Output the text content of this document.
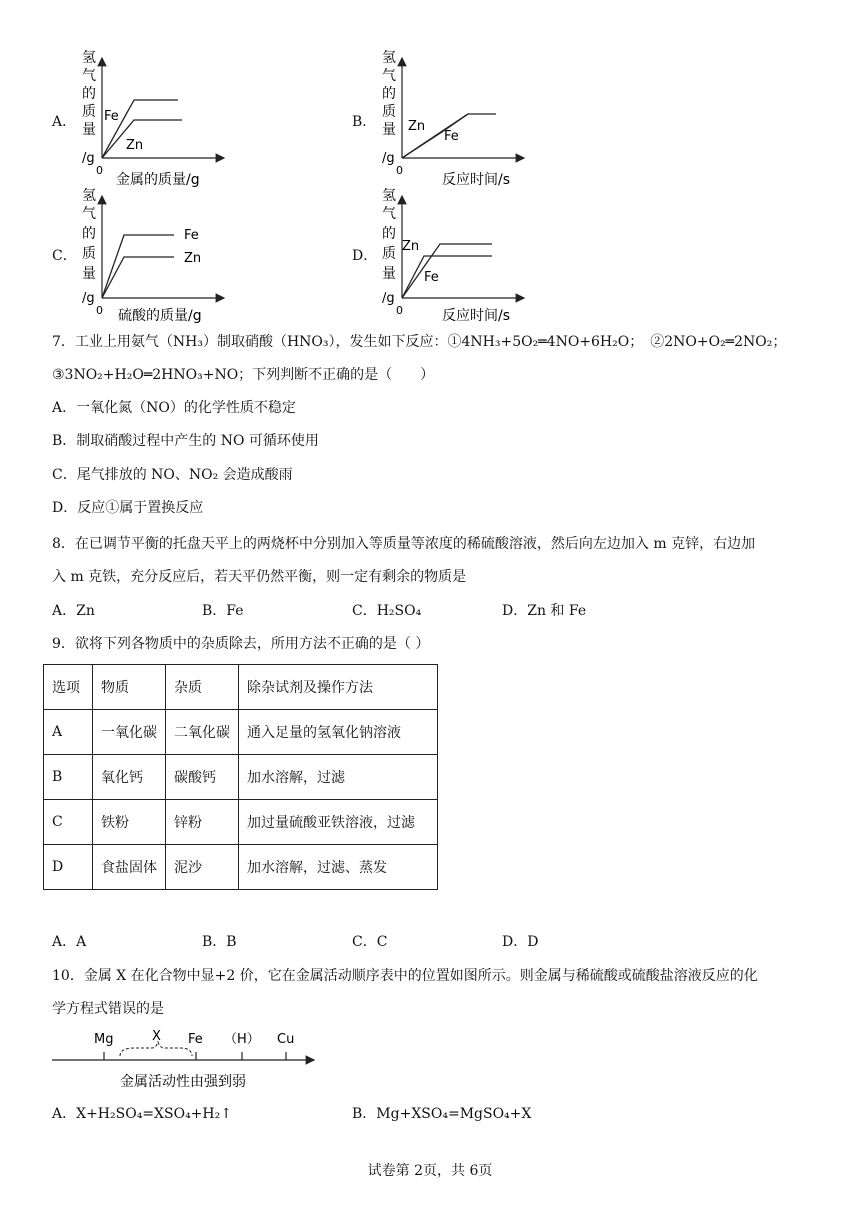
A．	B．
C．	D．
氢
气
的
质
量
/g
0
金属的质量/g
Fe
Zn
氢
气
的
质
量
/g
0
反应时间/s
Zn
Fe
氢
气
的
质
量
/g
0 硫酸的质量/g
Fe
Zn
氢
气
的
质
量
/g
0	反应时间/s
Zn
Fe
7．工业上用氨气（NH₃）制取硝酸（HNO₃），发生如下反应：①4NH₃+5O₂═4NO+6H₂O；　②2NO+O₂═2NO₂；
③3NO₂+H₂O═2HNO₃+NO；下列判断不正确的是（　　）
A．一氧化氮（NO）的化学性质不稳定
B．制取硝酸过程中产生的 NO 可循环使用
C．尾气排放的 NO、NO₂ 会造成酸雨
D．反应①属于置换反应
8．在已调节平衡的托盘天平上的两烧杯中分别加入等质量等浓度的稀硫酸溶液，然后向左边加入 m 克锌，右边加
入 m 克铁，充分反应后，若天平仍然平衡，则一定有剩余的物质是
A．Zn	B．Fe	C．H₂SO₄	D．Zn 和 Fe
9．欲将下列各物质中的杂质除去，所用方法不正确的是（ ）
选项	物质	杂质	除杂试剂及操作方法
A	一氧化碳	二氧化碳	通入足量的氢氧化钠溶液
B	氧化钙	碳酸钙	加水溶解，过滤
C	铁粉	锌粉	加过量硫酸亚铁溶液，过滤
D	食盐固体	泥沙	加水溶解，过滤、蒸发
A．A	B．B	C．C	D．D
10．金属 X 在化合物中显+2 价，它在金属活动顺序表中的位置如图所示。则金属与稀硫酸或硫酸盐溶液反应的化
学方程式错误的是
Mg	X Fe （H） Cu
金属活动性由强到弱
A．X+H₂SO₄=XSO₄+H₂↑	B．Mg+XSO₄=MgSO₄+X
试卷第 2页，共 6页
